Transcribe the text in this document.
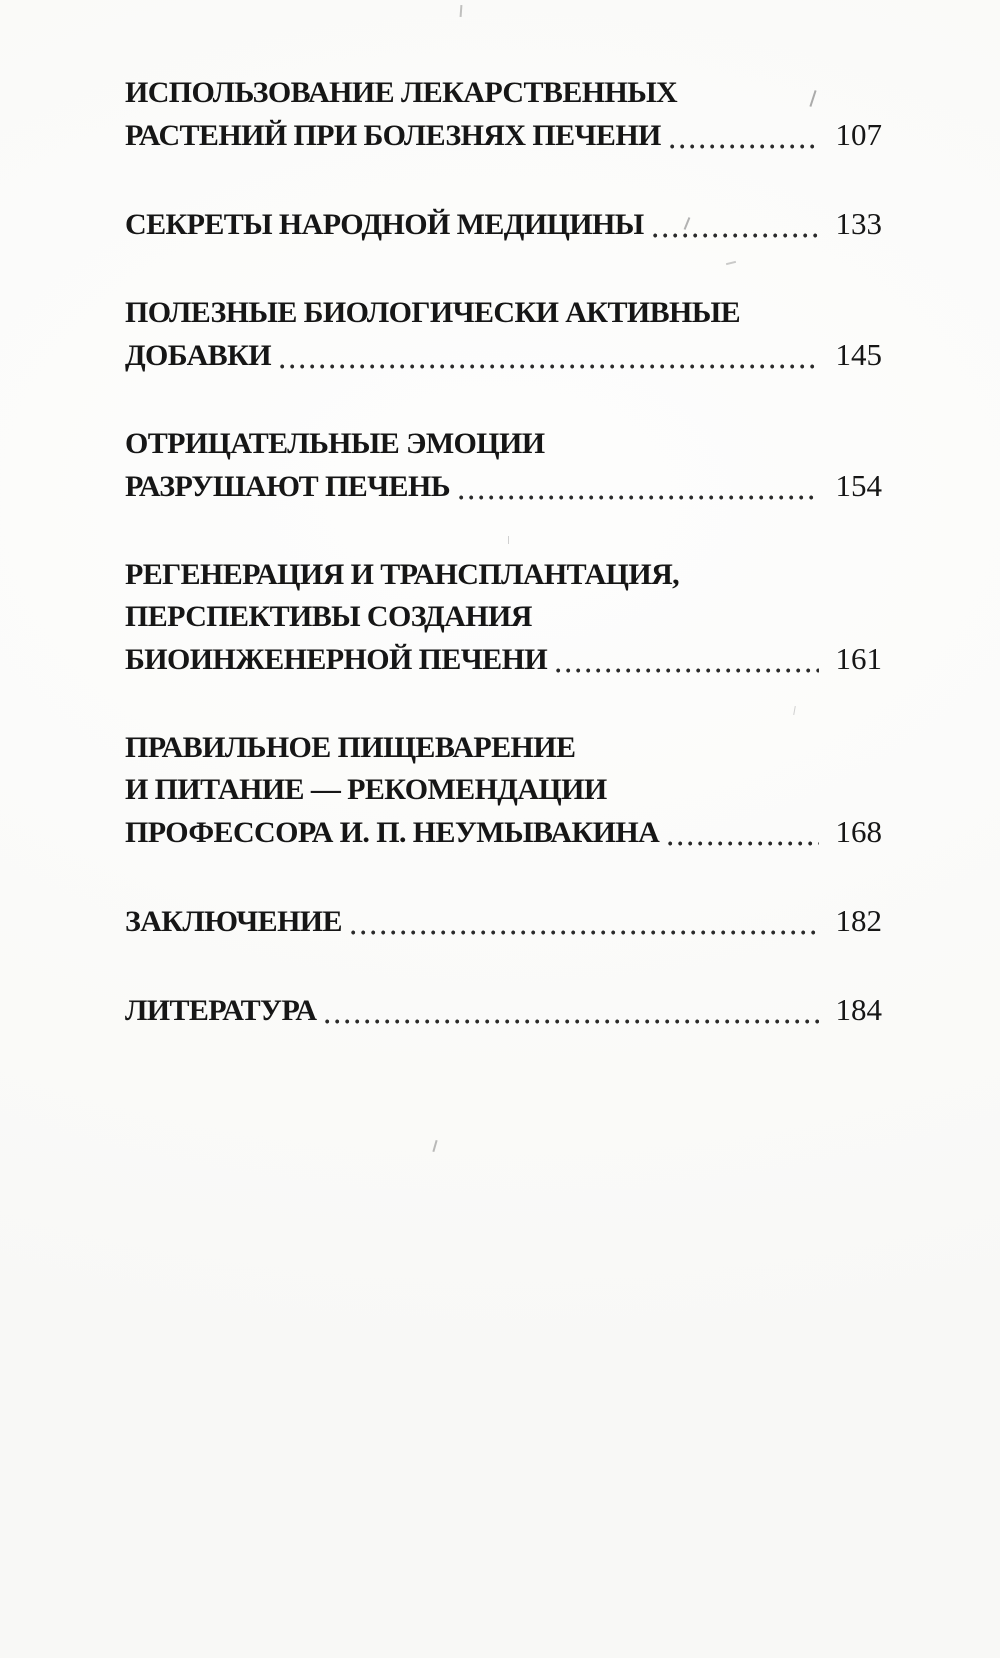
ИСПОЛЬЗОВАНИЕ ЛЕКАРСТВЕННЫХ
РАСТЕНИЙ ПРИ БОЛЕЗНЯХ ПЕЧЕНИ	107
СЕКРЕТЫ НАРОДНОЙ МЕДИЦИНЫ	133
ПОЛЕЗНЫЕ БИОЛОГИЧЕСКИ АКТИВНЫЕ
ДОБАВКИ	145
ОТРИЦАТЕЛЬНЫЕ ЭМОЦИИ
РАЗРУШАЮТ ПЕЧЕНЬ	154
РЕГЕНЕРАЦИЯ И ТРАНСПЛАНТАЦИЯ,
ПЕРСПЕКТИВЫ СОЗДАНИЯ
БИОИНЖЕНЕРНОЙ ПЕЧЕНИ	161
ПРАВИЛЬНОЕ ПИЩЕВАРЕНИЕ
И ПИТАНИЕ — РЕКОМЕНДАЦИИ
ПРОФЕССОРА И. П. НЕУМЫВАКИНА	168
ЗАКЛЮЧЕНИЕ	182
ЛИТЕРАТУРА	184
